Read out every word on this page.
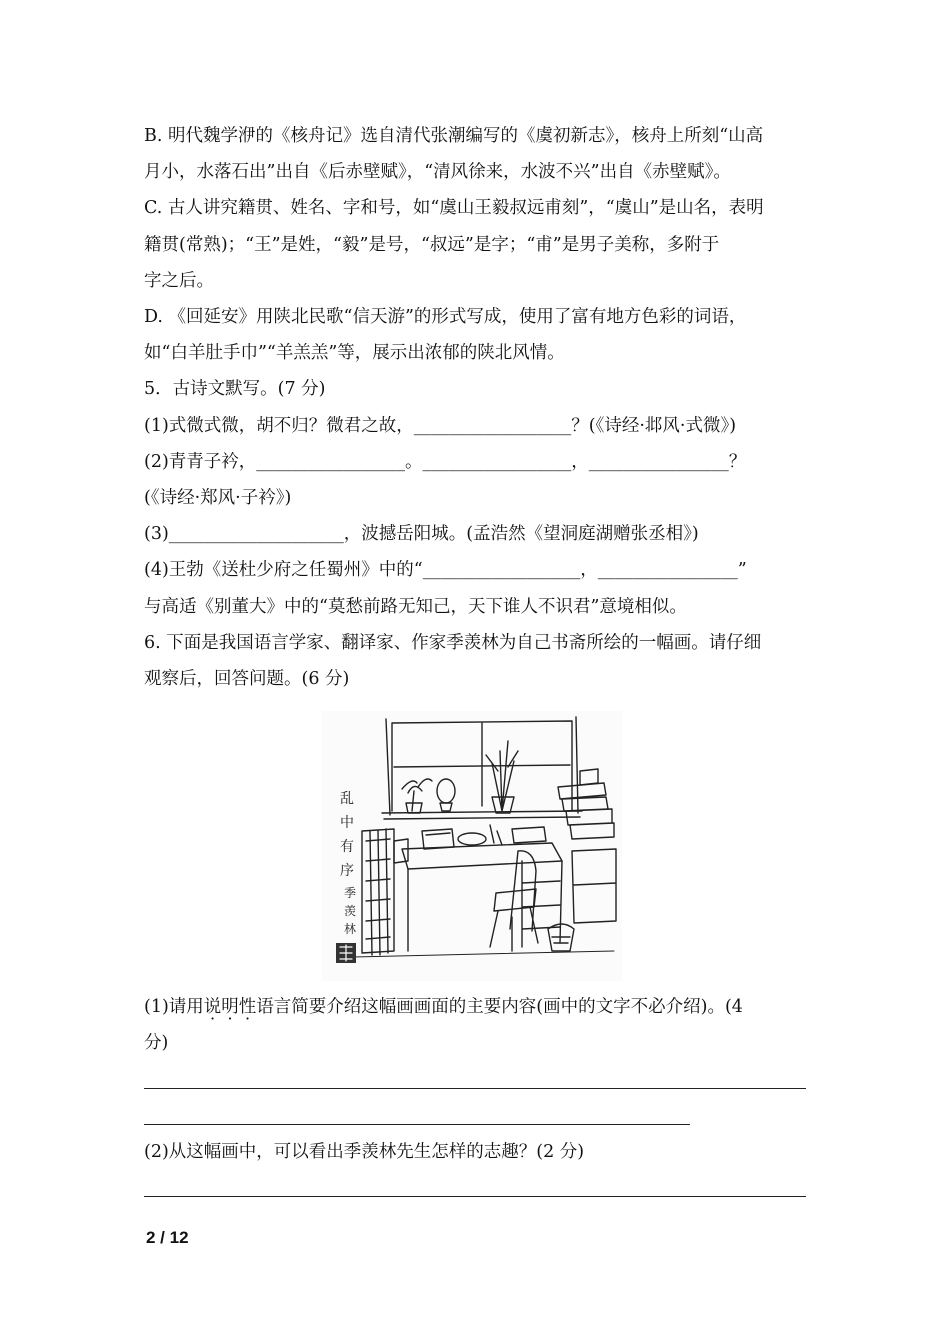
B. 明代魏学洢的《核舟记》选自清代张潮编写的《虞初新志》，核舟上所刻“山高

月小，水落石出”出自《后赤壁赋》，“清风徐来，水波不兴”出自《赤壁赋》。

C. 古人讲究籍贯、姓名、字和号，如“虞山王毅叔远甫刻”，“虞山”是山名，表明

籍贯(常熟)；“王”是姓，“毅”是号，“叔远”是字；“甫”是男子美称，多附于

字之后。

D. 《回延安》用陕北民歌“信天游”的形式写成，使用了富有地方色彩的词语，

如“白羊肚手巾”“羊羔羔”等，展示出浓郁的陕北风情。

5．古诗文默写。(7 分)

(1)式微式微，胡不归？微君之故，__________________？(《诗经·邶风·式微》)

(2)青青子衿，_________________。_________________，________________？

(《诗经·郑风·子衿》)

(3)____________________，波撼岳阳城。(孟浩然《望洞庭湖赠张丞相》)

(4)王勃《送杜少府之任蜀州》中的“__________________，________________”

与高适《别董大》中的“莫愁前路无知己，天下谁人不识君”意境相似。

6. 下面是我国语言学家、翻译家、作家季羡林为自己书斋所绘的一幅画。请仔细

观察后，回答问题。(6 分)

乱
中
有
序
季
羡
林

(1)请用说明性语言简要介绍这幅画画面的主要内容(画中的文字不必介绍)。(4

分)

(2)从这幅画中，可以看出季羡林先生怎样的志趣？(2 分)

2 / 12
